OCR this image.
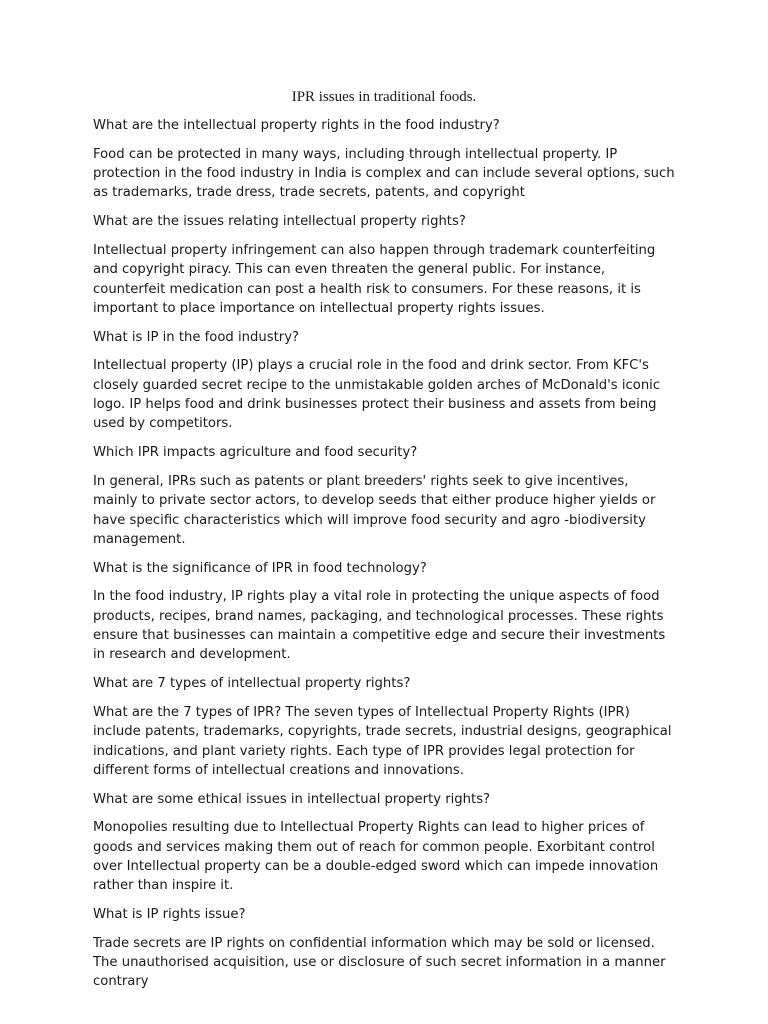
IPR issues in traditional foods.

What are the intellectual property rights in the food industry?

Food can be protected in many ways, including through intellectual property. IP protection in the food industry in India is complex and can include several options, such as trademarks, trade dress, trade secrets, patents, and copyright

What are the issues relating intellectual property rights?

Intellectual property infringement can also happen through trademark counterfeiting and copyright piracy. This can even threaten the general public. For instance, counterfeit medication can post a health risk to consumers. For these reasons, it is important to place importance on intellectual property rights issues.

What is IP in the food industry?

Intellectual property (IP) plays a crucial role in the food and drink sector. From KFC's closely guarded secret recipe to the unmistakable golden arches of McDonald's iconic logo. IP helps food and drink businesses protect their business and assets from being used by competitors.

Which IPR impacts agriculture and food security?

In general, IPRs such as patents or plant breeders' rights seek to give incentives, mainly to private sector actors, to develop seeds that either produce higher yields or have specific characteristics which will improve food security and agro -biodiversity management.

What is the significance of IPR in food technology?

In the food industry, IP rights play a vital role in protecting the unique aspects of food products, recipes, brand names, packaging, and technological processes. These rights ensure that businesses can maintain a competitive edge and secure their investments in research and development.

What are 7 types of intellectual property rights?

What are the 7 types of IPR? The seven types of Intellectual Property Rights (IPR) include patents, trademarks, copyrights, trade secrets, industrial designs, geographical indications, and plant variety rights. Each type of IPR provides legal protection for different forms of intellectual creations and innovations.

What are some ethical issues in intellectual property rights?

Monopolies resulting due to Intellectual Property Rights can lead to higher prices of goods and services making them out of reach for common people. Exorbitant control over Intellectual property can be a double-edged sword which can impede innovation rather than inspire it.

What is IP rights issue?

Trade secrets are IP rights on confidential information which may be sold or licensed. The unauthorised acquisition, use or disclosure of such secret information in a manner contrary
